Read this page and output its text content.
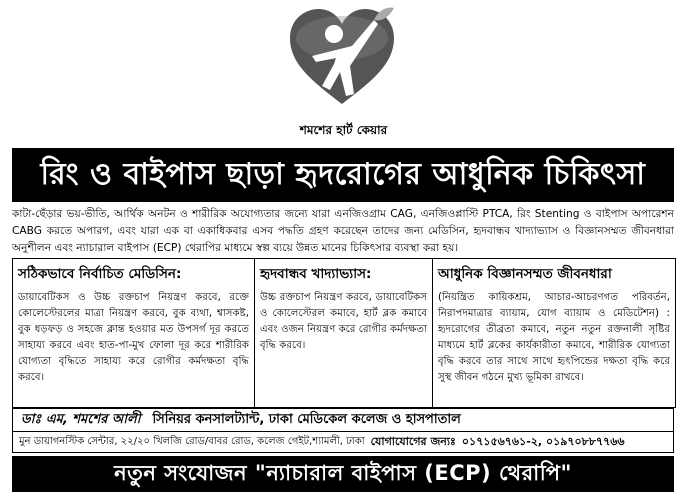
শমশের হার্ট কেয়ার
রিং ও বাইপাস ছাড়া হৃদরোগের আধুনিক চিকিৎসা
কাটা-ছেঁড়ার ভয়-ভীতি, আর্থিক অনটন ও শারীরিক অযোগ্যতার জন্যে যারা এনজিওগ্রাম CAG, এনজিওপ্লাস্টি PTCA, রিং Stenting ও বাইপাস অপারেশন CABG করতে অপারগ, এবং যারা এক বা একাধিকবার এসব পদ্ধতি গ্রহণ করেছেন তাদের জন্য মেডিসিন, হৃদবান্ধব খাদ্যাভ্যাস ও বিজ্ঞানসম্মত জীবনধারা অনুশীলন এবং ন্যাচারাল বাইপাস (ECP) থেরাপির মাধ্যমে স্বল্প ব্যয়ে উন্নত মানের চিকিৎসার ব্যবস্থা করা হয়।
সঠিকভাবে নির্বাচিত মেডিসিন:

ডায়াবেটিকস ও উচ্চ রক্তচাপ নিয়ন্ত্রণ করবে, রক্তে কোলেস্টেরলের মাত্রা নিয়ন্ত্রণ করবে, বুক ব্যথা, শ্বাসকষ্ট, বুক ধড়ফড় ও সহজে ক্লান্ত হওয়ার মত উপসর্গ দূর করতে সাহায্য করবে এবং হাত-পা-মুখ ফোলা দূর করে শারীরিক যোগ্যতা বৃদ্ধিতে সাহায্য করে রোগীর কর্মদক্ষতা বৃদ্ধি করবে।

হৃদবান্ধব খাদ্যাভ্যাস:

উচ্চ রক্তচাপ নিয়ন্ত্রণ করবে, ডায়াবেটিকস ও কোলেস্টেরল কমাবে, হার্ট ব্লক কমাবে এবং ওজন নিয়ন্ত্রণ করে রোগীর কর্মদক্ষতা বৃদ্ধি করবে।

আধুনিক বিজ্ঞানসম্মত জীবনধারা

(নিয়ন্ত্রিত কায়িকশ্রম, আচার-আচরণগত পরিবর্তন, নিরাপদমাত্রার ব্যায়াম, যোগ ব্যায়াম ও মেডিটেশন) : হৃদরোগের তীব্রতা কমাবে, নতুন নতুন রক্তনালী সৃষ্টির মাধ্যমে হার্ট ব্লকের কার্যকারীতা কমাবে, শারীরিক যোগ্যতা বৃদ্ধি করবে তার সাথে সাথে হৃৎপিন্ডের দক্ষতা বৃদ্ধি করে সুস্থ জীবন গঠনে মুখ্য ভূমিকা রাখবে।

ডাঃ এম, শমশের আলী সিনিয়র কনসালট্যান্ট, ঢাকা মেডিকেল কলেজ ও হাসপাতাল
মুন ডায়াগনস্টিক সেন্টার, ২২/২০ খিলজি রোড/বাবর রোড, কলেজ গেইট,শ্যামলী, ঢাকা যোগাযোগের জন্যঃ ০১৭১৫৬৭৬১-২, ০১৯৭০৮৮৭৭৬৬
নতুন সংযোজন "ন্যাচারাল বাইপাস (ECP) থেরাপি"
